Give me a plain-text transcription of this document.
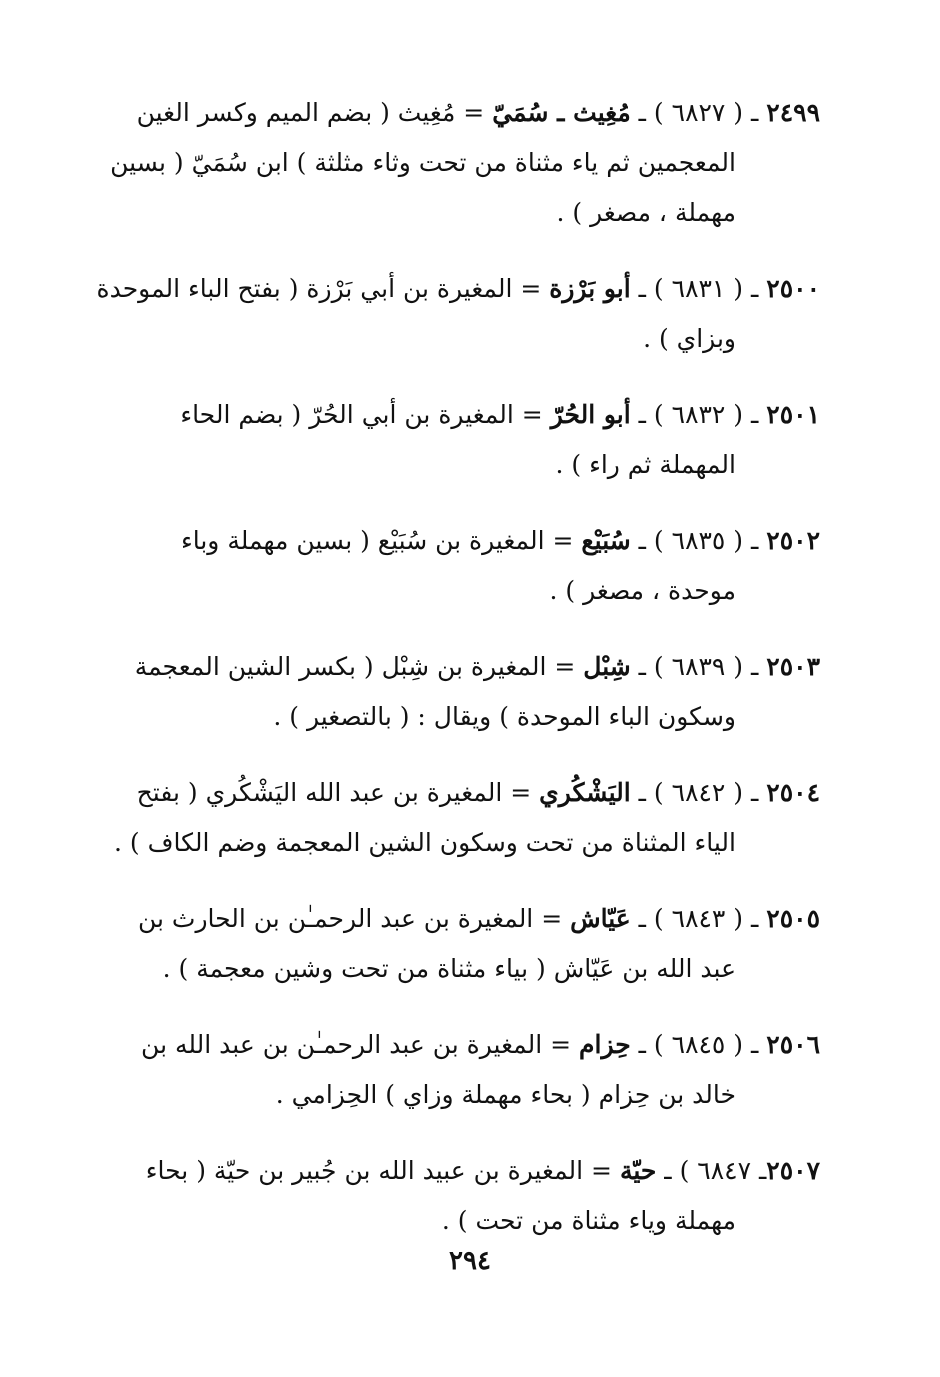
٢٤٩٩ ـ ( ٦٨٢٧ ) ـ مُغِيث ـ سُمَيّ = مُغِيث ( بضم الميم وكسر الغين
المعجمين ثم ياء مثناة من تحت وثاء مثلثة ) ابن سُمَيّ ( بسين
مهملة ، مصغر ) .
٢٥٠٠ ـ ( ٦٨٣١ ) ـ أبو بَرْزة = المغيرة بن أبي بَرْزة ( بفتح الباء الموحدة
وبزاي ) .
٢٥٠١ ـ ( ٦٨٣٢ ) ـ أبو الحُرّ = المغيرة بن أبي الحُرّ ( بضم الحاء
المهملة ثم راء ) .
٢٥٠٢ ـ ( ٦٨٣٥ ) ـ سُبَيْع = المغيرة بن سُبَيْع ( بسين مهملة وباء
موحدة ، مصغر ) .
٢٥٠٣ ـ ( ٦٨٣٩ ) ـ شِبْل = المغيرة بن شِبْل ( بكسر الشين المعجمة
وسكون الباء الموحدة ) ويقال : ( بالتصغير ) .
٢٥٠٤ ـ ( ٦٨٤٢ ) ـ اليَشْكُري = المغيرة بن عبد الله اليَشْكُري ( بفتح
الياء المثناة من تحت وسكون الشين المعجمة وضم الكاف ) .
٢٥٠٥ ـ ( ٦٨٤٣ ) ـ عَيّاش = المغيرة بن عبد الرحمـٰن بن الحارث بن
عبد الله بن عَيّاش ( بياء مثناة من تحت وشين معجمة ) .
٢٥٠٦ ـ ( ٦٨٤٥ ) ـ حِزام = المغيرة بن عبد الرحمـٰن بن عبد الله بن
خالد بن حِزام ( بحاء مهملة وزاي ) الحِزامي .
٢٥٠٧ـ ٦٨٤٧ ) ـ حيّة = المغيرة بن عبيد الله بن جُبير بن حيّة ( بحاء
مهملة وياء مثناة من تحت ) .
٢٩٤
